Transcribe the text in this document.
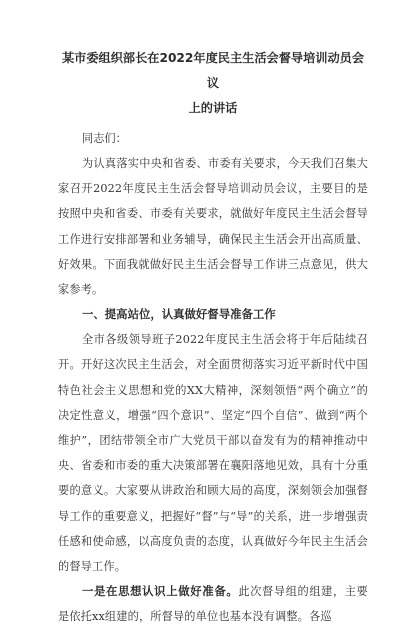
某市委组织部长在2022年度民主生活会督导培训动员会议
上的讲话
同志们：

为认真落实中央和省委、市委有关要求，今天我们召集大家召开2022年度民主生活会督导培训动员会议，主要目的是按照中央和省委、市委有关要求，就做好年度民主生活会督导工作进行安排部署和业务辅导，确保民主生活会开出高质量、好效果。下面我就做好民主生活会督导工作讲三点意见，供大家参考。

一、提高站位，认真做好督导准备工作

全市各级领导班子2022年度民主生活会将于年后陆续召开。开好这次民主生活会，对全面贯彻落实习近平新时代中国特色社会主义思想和党的XX大精神，深刻领悟“两个确立”的决定性意义，增强“四个意识”、坚定“四个自信”、做到“两个维护”，团结带领全市广大党员干部以奋发有为的精神推动中央、省委和市委的重大决策部署在襄阳落地见效，具有十分重要的意义。大家要从讲政治和顾大局的高度，深刻领会加强督导工作的重要意义，把握好“督”与“导”的关系，进一步增强责任感和使命感，以高度负责的态度，认真做好今年民主生活会的督导工作。

一是在思想认识上做好准备。此次督导组的组建，主要是依托xx组建的，所督导的单位也基本没有调整。各巡
